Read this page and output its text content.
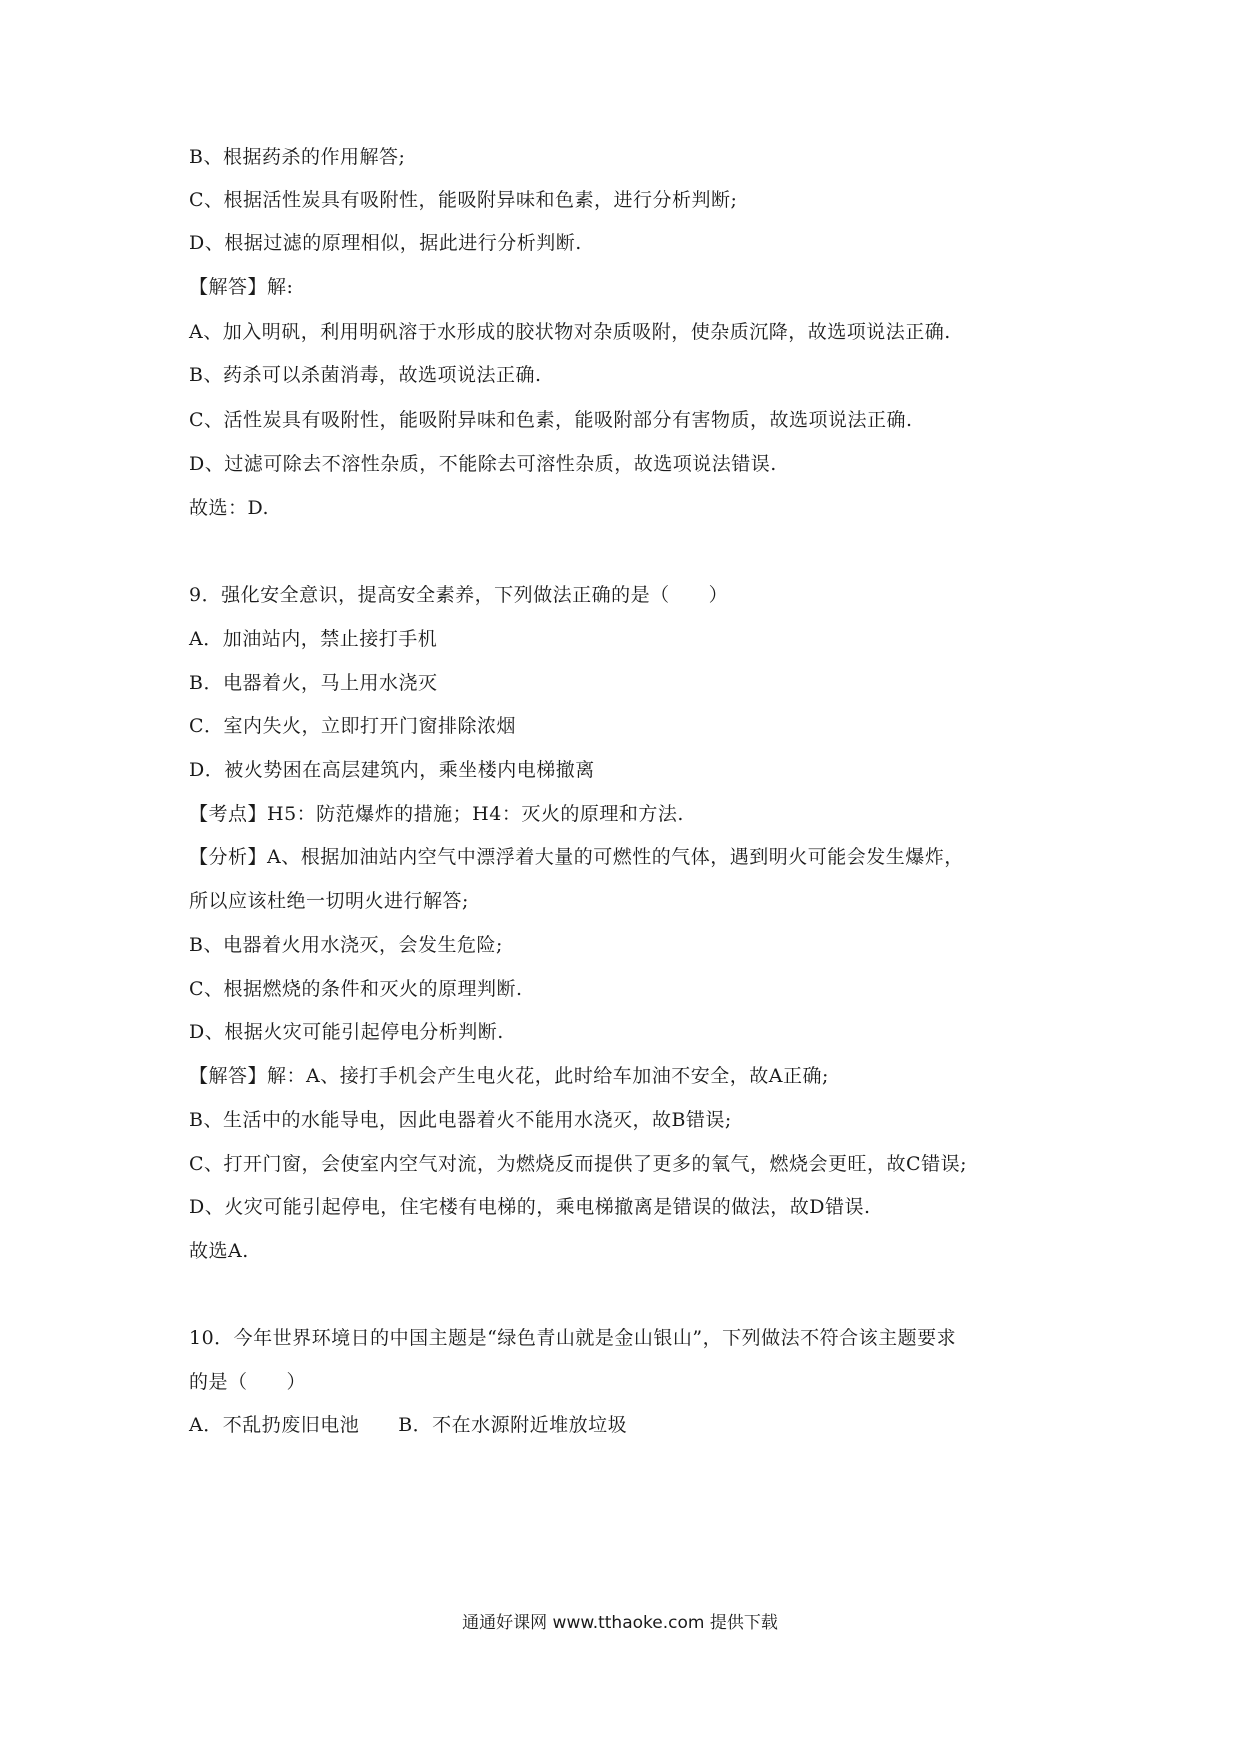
B、根据药杀的作用解答;
C、根据活性炭具有吸附性，能吸附异味和色素，进行分析判断;
D、根据过滤的原理相似，据此进行分析判断.
【解答】解:
A、加入明矾，利用明矾溶于水形成的胶状物对杂质吸附，使杂质沉降，故选项说法正确.
B、药杀可以杀菌消毒，故选项说法正确.
C、活性炭具有吸附性，能吸附异味和色素，能吸附部分有害物质，故选项说法正确.
D、过滤可除去不溶性杂质，不能除去可溶性杂质，故选项说法错误.
故选：D.
9．强化安全意识，提高安全素养，下列做法正确的是（　　）
A．加油站内，禁止接打手机
B．电器着火，马上用水浇灭
C．室内失火，立即打开门窗排除浓烟
D．被火势困在高层建筑内，乘坐楼内电梯撤离
【考点】H5：防范爆炸的措施；H4：灭火的原理和方法.
【分析】A、根据加油站内空气中漂浮着大量的可燃性的气体，遇到明火可能会发生爆炸，
所以应该杜绝一切明火进行解答;
B、电器着火用水浇灭，会发生危险;
C、根据燃烧的条件和灭火的原理判断.
D、根据火灾可能引起停电分析判断.
【解答】解：A、接打手机会产生电火花，此时给车加油不安全，故A正确;
B、生活中的水能导电，因此电器着火不能用水浇灭，故B错误;
C、打开门窗，会使室内空气对流，为燃烧反而提供了更多的氧气，燃烧会更旺，故C错误;
D、火灾可能引起停电，住宅楼有电梯的，乘电梯撤离是错误的做法，故D错误.
故选A.
10．今年世界环境日的中国主题是“绿色青山就是金山银山”，下列做法不符合该主题要求
的是（　　）
A．不乱扔废旧电池　　B．不在水源附近堆放垃圾
通通好课网 www.tthaoke.com 提供下载
